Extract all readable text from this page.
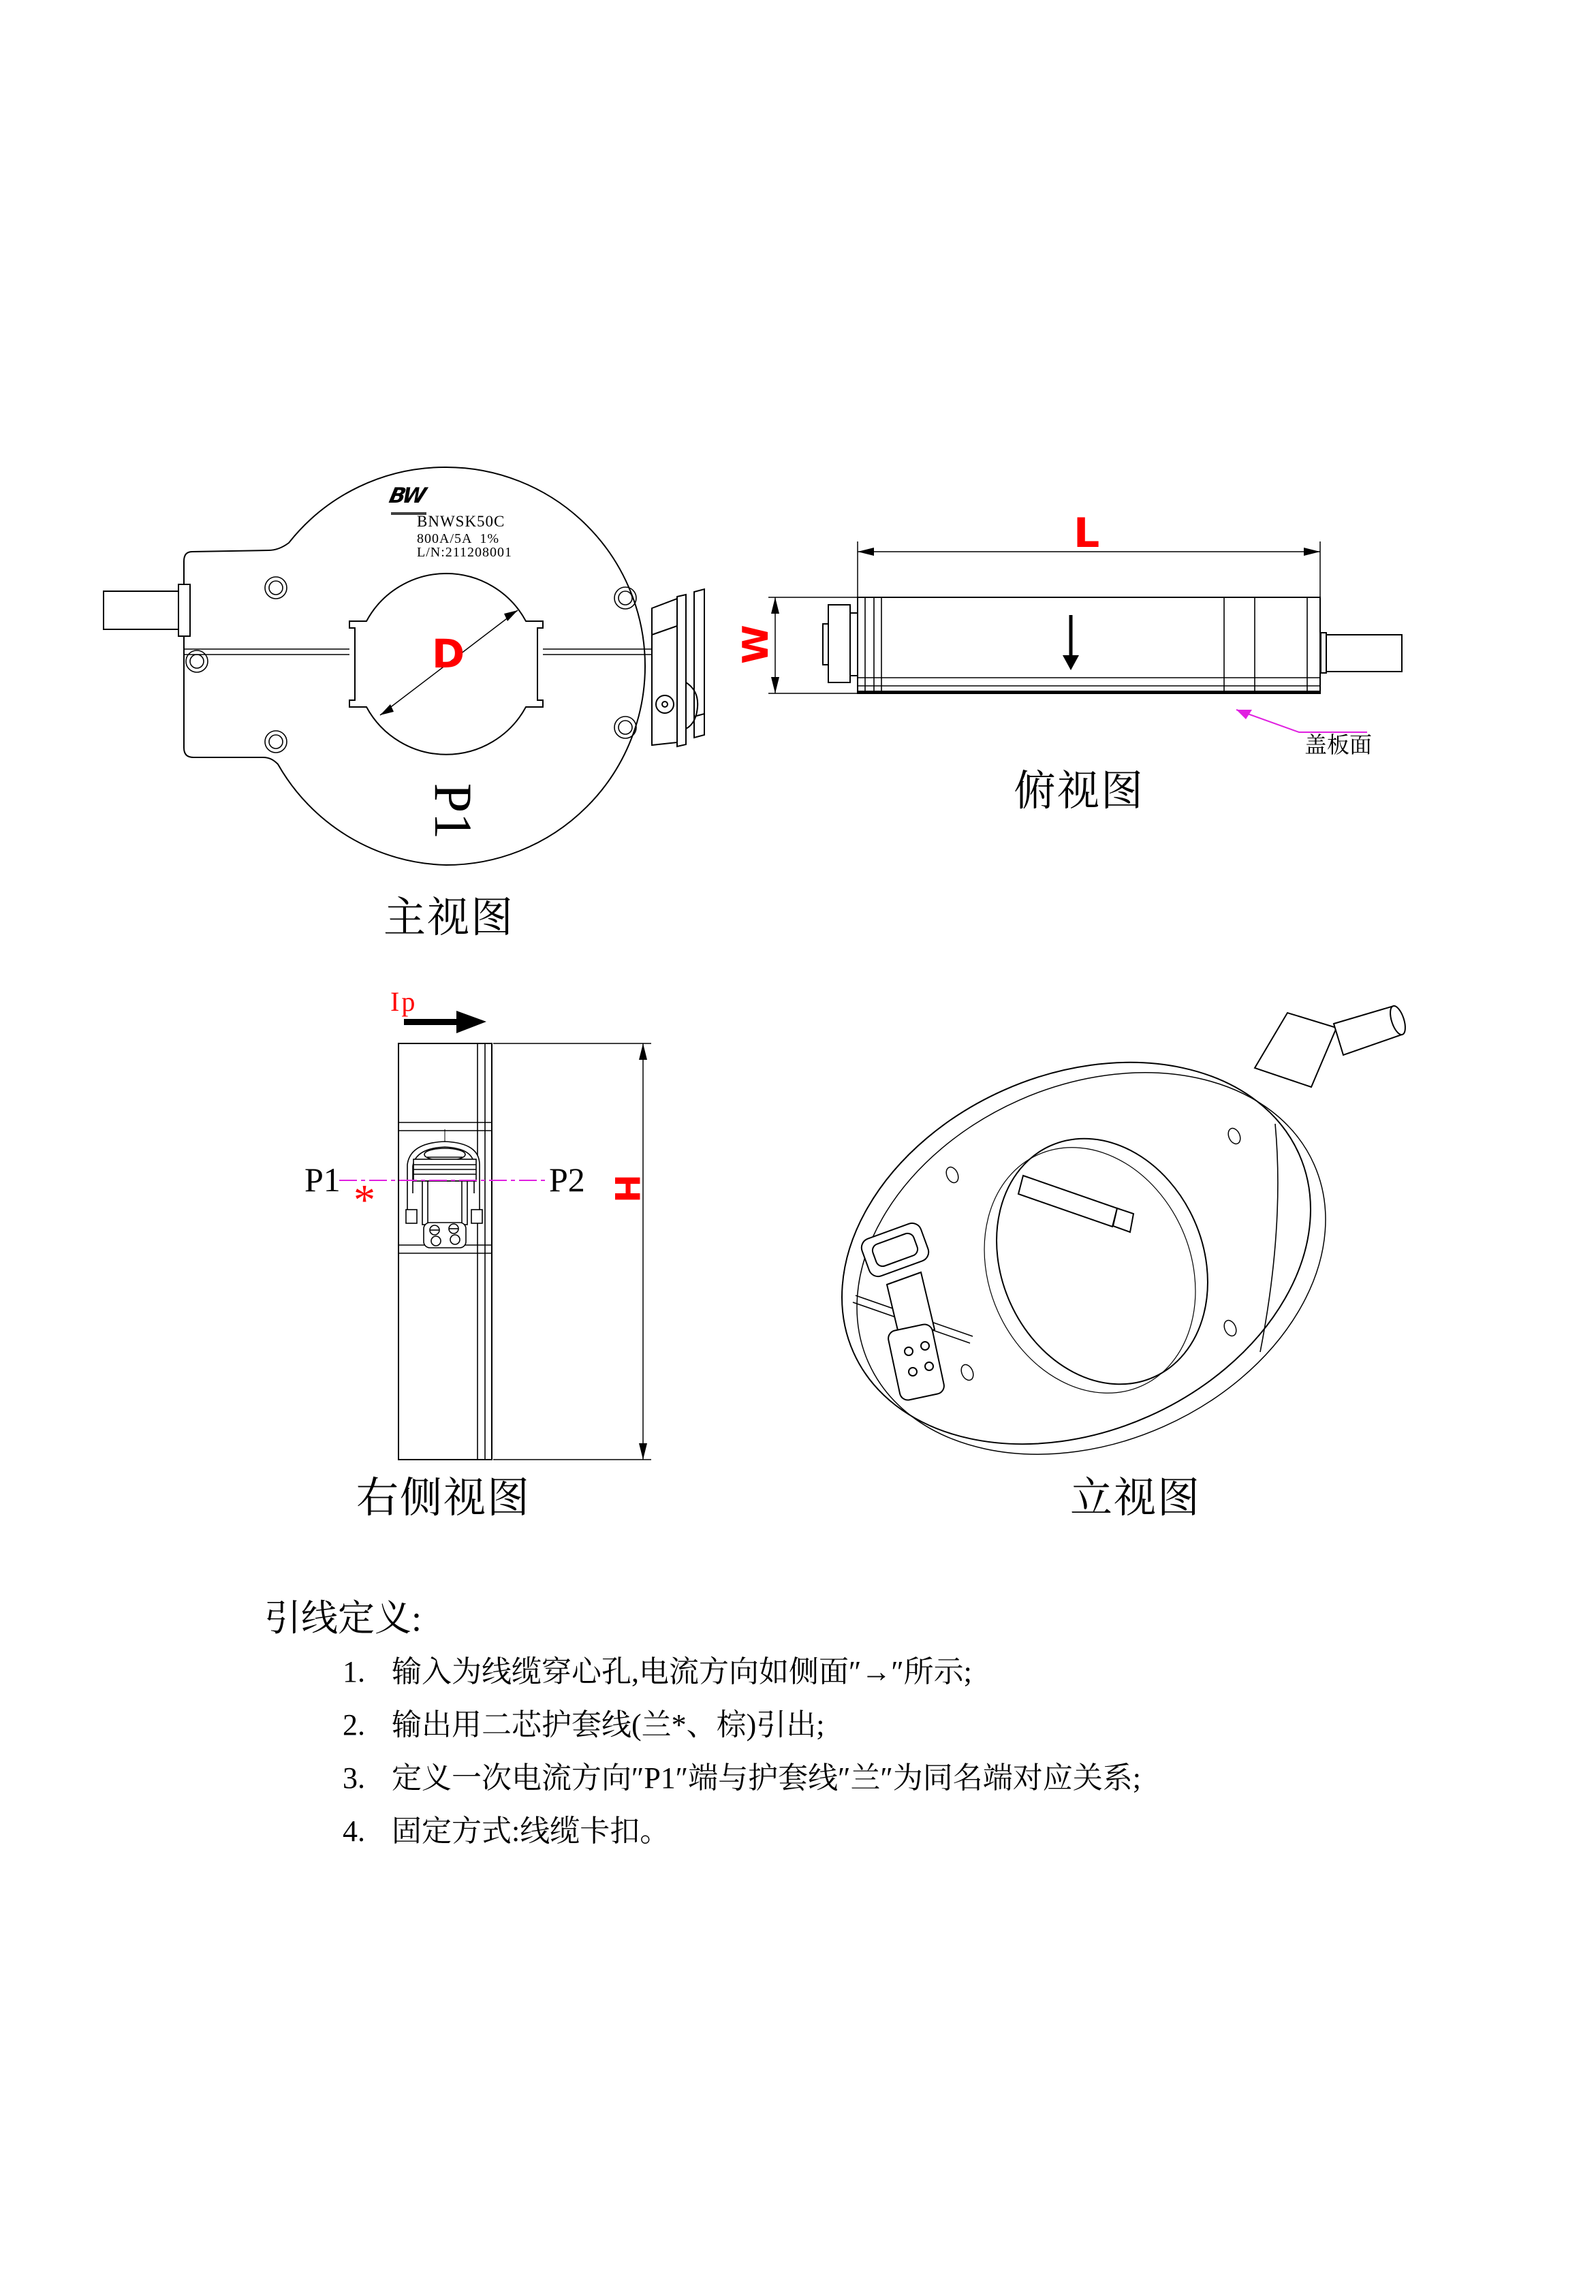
BW
BNWSK50C
800A/5A  1%
L/N:211208001
D
P1
主视图
L
W
盖板面
俯视图
Ip
P1	P2
*	H
右侧视图	立视图
引线定义:
1. 输入为线缆穿心孔,电流方向如侧面″→″所示;
2. 输出用二芯护套线(兰*、棕)引出;
3. 定义一次电流方向″P1″端与护套线″兰″为同名端对应关系;
4. 固定方式:线缆卡扣。
